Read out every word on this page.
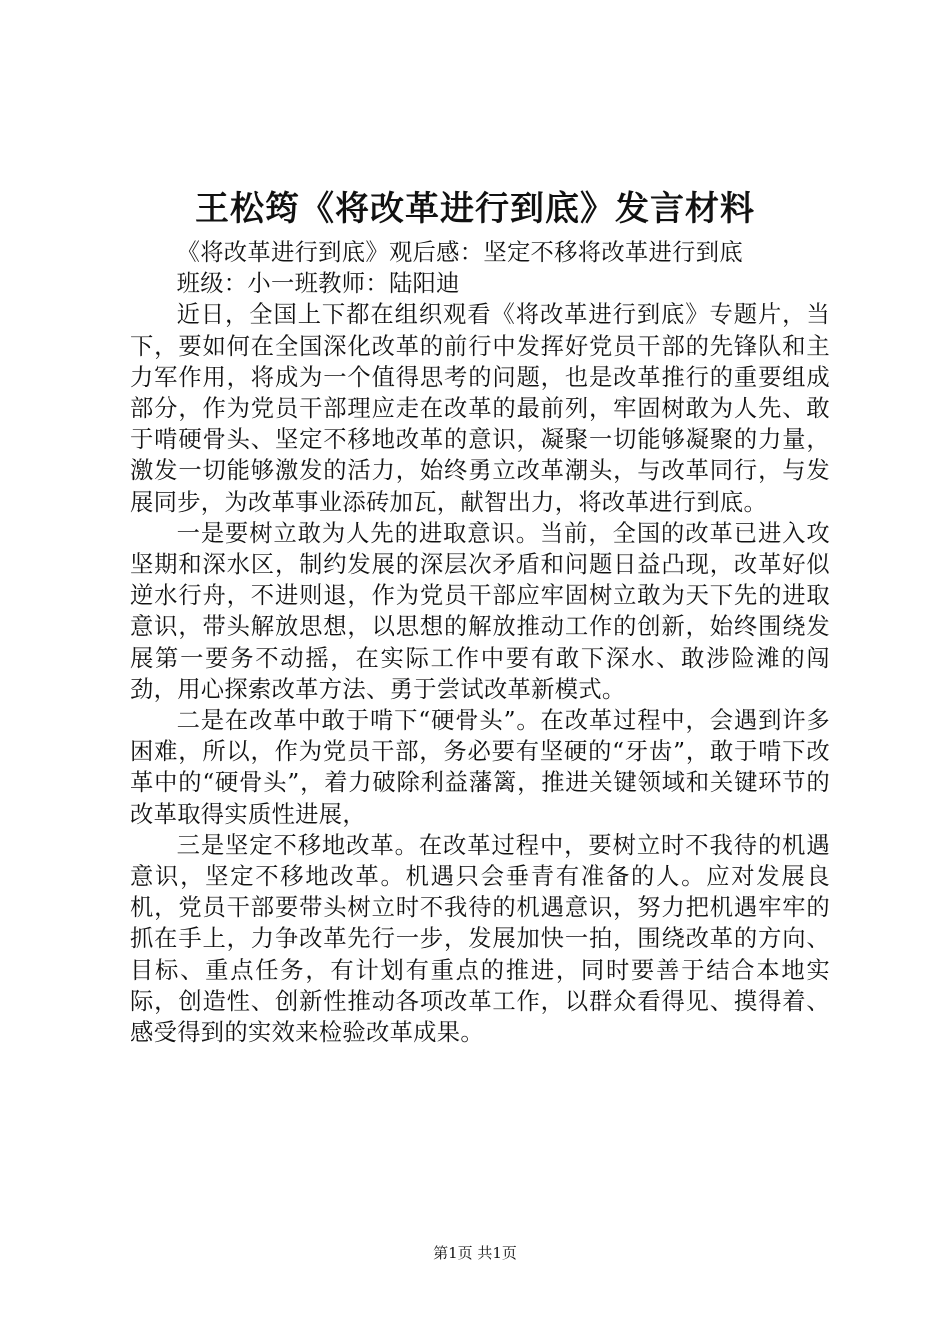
王松筠《将改革进行到底》发言材料

《将改革进行到底》观后感：坚定不移将改革进行到底

班级：小一班教师：陆阳迪

近日，全国上下都在组织观看《将改革进行到底》专题片，当下，要如何在全国深化改革的前行中发挥好党员干部的先锋队和主力军作用，将成为一个值得思考的问题，也是改革推行的重要组成部分，作为党员干部理应走在改革的最前列，牢固树敢为人先、敢于啃硬骨头、坚定不移地改革的意识，凝聚一切能够凝聚的力量，激发一切能够激发的活力，始终勇立改革潮头，与改革同行，与发展同步，为改革事业添砖加瓦，献智出力，将改革进行到底。

一是要树立敢为人先的进取意识。当前，全国的改革已进入攻坚期和深水区，制约发展的深层次矛盾和问题日益凸现，改革好似逆水行舟，不进则退，作为党员干部应牢固树立敢为天下先的进取意识，带头解放思想，以思想的解放推动工作的创新，始终围绕发展第一要务不动摇，在实际工作中要有敢下深水、敢涉险滩的闯劲，用心探索改革方法、勇于尝试改革新模式。

二是在改革中敢于啃下“硬骨头”。在改革过程中，会遇到许多困难，所以，作为党员干部，务必要有坚硬的“牙齿”，敢于啃下改革中的“硬骨头”，着力破除利益藩篱，推进关键领域和关键环节的改革取得实质性进展，

三是坚定不移地改革。在改革过程中，要树立时不我待的机遇意识，坚定不移地改革。机遇只会垂青有准备的人。应对发展良机，党员干部要带头树立时不我待的机遇意识，努力把机遇牢牢的抓在手上，力争改革先行一步，发展加快一拍，围绕改革的方向、目标、重点任务，有计划有重点的推进，同时要善于结合本地实际，创造性、创新性推动各项改革工作，以群众看得见、摸得着、感受得到的实效来检验改革成果。

第1页 共1页
